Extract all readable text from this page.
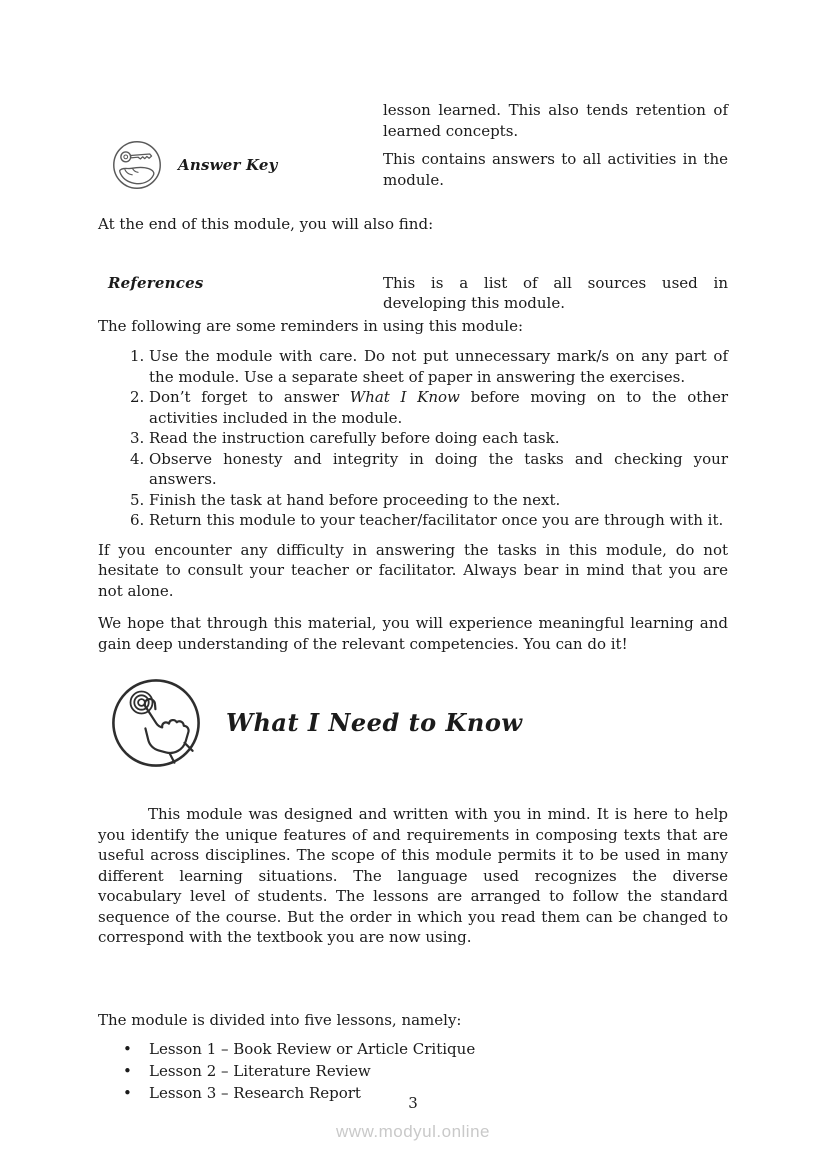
lesson learned. This also tends retention of learned concepts.
Answer Key	This contains answers to all activities in the module.
At the end of this module, you will also find:
References	This is a list of all sources used in developing this module.
The following are some reminders in using this module:
1. Use the module with care. Do not put unnecessary mark/s on any part of the module. Use a separate sheet of paper in answering the exercises.
2. Don’t forget to answer What I Know before moving on to the other activities included in the module.
3. Read the instruction carefully before doing each task.
4. Observe honesty and integrity in doing the tasks and checking your answers.
5. Finish the task at hand before proceeding to the next.
6. Return this module to your teacher/facilitator once you are through with it.
If you encounter any difficulty in answering the tasks in this module, do not hesitate to consult your teacher or facilitator. Always bear in mind that you are not alone.
We hope that through this material, you will experience meaningful learning and gain deep understanding of the relevant competencies. You can do it!
What I Need to Know
This module was designed and written with you in mind. It is here to help you identify the unique features of and requirements in composing texts that are useful across disciplines. The scope of this module permits it to be used in many different learning situations. The language used recognizes the diverse vocabulary level of students. The lessons are arranged to follow the standard sequence of the course. But the order in which you read them can be changed to correspond with the textbook you are now using.
The module is divided into five lessons, namely:
•	Lesson 1 – Book Review or Article Critique
•	Lesson 2 – Literature Review
•	Lesson 3 – Research Report
3
www.modyul.online
